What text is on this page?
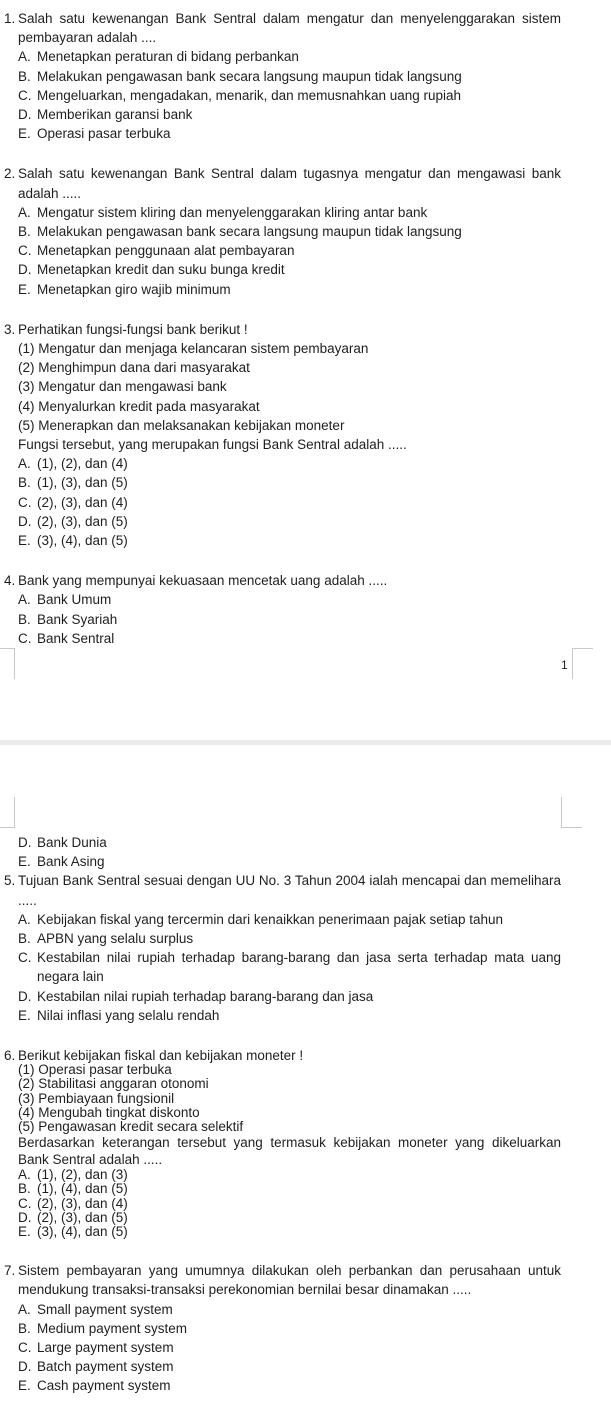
1. Salah satu kewenangan Bank Sentral dalam mengatur dan menyelenggarakan sistem pembayaran adalah ....

A. Menetapkan peraturan di bidang perbankan
B. Melakukan pengawasan bank secara langsung maupun tidak langsung
C. Mengeluarkan, mengadakan, menarik, dan memusnahkan uang rupiah
D. Memberikan garansi bank
E. Operasi pasar terbuka
2. Salah satu kewenangan Bank Sentral dalam tugasnya mengatur dan mengawasi bank adalah .....

A. Mengatur sistem kliring dan menyelenggarakan kliring antar bank
B. Melakukan pengawasan bank secara langsung maupun tidak langsung
C. Menetapkan penggunaan alat pembayaran
D. Menetapkan kredit dan suku bunga kredit
E. Menetapkan giro wajib minimum
3. Perhatikan fungsi-fungsi bank berikut !

(1) Mengatur dan menjaga kelancaran sistem pembayaran

(2) Menghimpun dana dari masyarakat

(3) Mengatur dan mengawasi bank

(4) Menyalurkan kredit pada masyarakat

(5) Menerapkan dan melaksanakan kebijakan moneter

Fungsi tersebut, yang merupakan fungsi Bank Sentral adalah .....

A. (1), (2), dan (4)
B. (1), (3), dan (5)
C. (2), (3), dan (4)
D. (2), (3), dan (5)
E. (3), (4), dan (5)
4. Bank yang mempunyai kekuasaan mencetak uang adalah .....

A. Bank Umum
B. Bank Syariah
C. Bank Sentral
1
D. Bank Dunia
E. Bank Asing
5. Tujuan Bank Sentral sesuai dengan UU No. 3 Tahun 2004 ialah mencapai dan memelihara .....

A. Kebijakan fiskal yang tercermin dari kenaikkan penerimaan pajak setiap tahun
B. APBN yang selalu surplus
C. Kestabilan nilai rupiah terhadap barang-barang dan jasa serta terhadap mata uang negara lain
D. Kestabilan nilai rupiah terhadap barang-barang dan jasa
E. Nilai inflasi yang selalu rendah
6. Berikut kebijakan fiskal dan kebijakan moneter !

(1) Operasi pasar terbuka

(2) Stabilitasi anggaran otonomi

(3) Pembiayaan fungsionil

(4) Mengubah tingkat diskonto

(5) Pengawasan kredit secara selektif

Berdasarkan keterangan tersebut yang termasuk kebijakan moneter yang dikeluarkan Bank Sentral adalah .....

A. (1), (2), dan (3)
B. (1), (4), dan (5)
C. (2), (3), dan (4)
D. (2), (3), dan (5)
E. (3), (4), dan (5)
7. Sistem pembayaran yang umumnya dilakukan oleh perbankan dan perusahaan untuk mendukung transaksi-transaksi perekonomian bernilai besar dinamakan .....

A. Small payment system
B. Medium payment system
C. Large payment system
D. Batch payment system
E. Cash payment system
